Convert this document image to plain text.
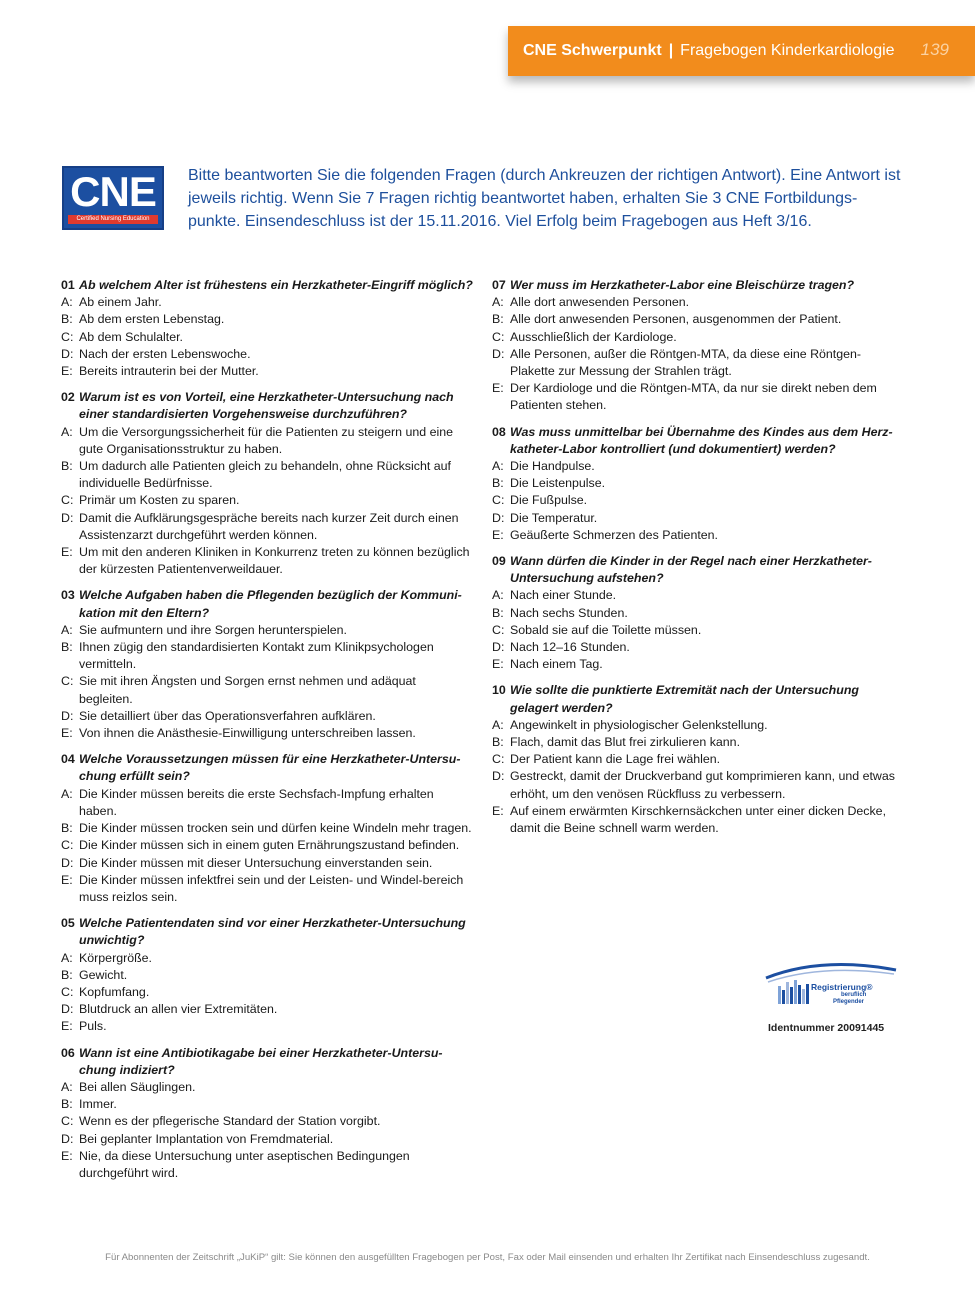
CNE Schwerpunkt | Fragebogen Kinderkardiologie 139
CNE
Certified Nursing Education
Bitte beantworten Sie die folgenden Fragen (durch Ankreuzen der richtigen Antwort). Eine Antwort ist jeweils richtig. Wenn Sie 7 Fragen richtig beantwortet haben, erhalten Sie 3 CNE Fortbildungs-punkte. Einsendeschluss ist der 15.11.2016. Viel Erfolg beim Fragebogen aus Heft 3/16.
01 Ab welchem Alter ist frühestens ein Herzkatheter-Eingriff möglich?
A: Ab einem Jahr.
B: Ab dem ersten Lebenstag.
C: Ab dem Schulalter.
D: Nach der ersten Lebenswoche.
E: Bereits intrauterin bei der Mutter.
02 Warum ist es von Vorteil, eine Herzkatheter-Untersuchung nach einer standardisierten Vorgehensweise durchzuführen?
A: Um die Versorgungssicherheit für die Patienten zu steigern und eine gute Organisationsstruktur zu haben.
B: Um dadurch alle Patienten gleich zu behandeln, ohne Rücksicht auf individuelle Bedürfnisse.
C: Primär um Kosten zu sparen.
D: Damit die Aufklärungsgespräche bereits nach kurzer Zeit durch einen Assistenzarzt durchgeführt werden können.
E: Um mit den anderen Kliniken in Konkurrenz treten zu können bezüglich der kürzesten Patientenverweildauer.
03 Welche Aufgaben haben die Pflegenden bezüglich der Kommuni-kation mit den Eltern?
A: Sie aufmuntern und ihre Sorgen herunterspielen.
B: Ihnen zügig den standardisierten Kontakt zum Klinikpsychologen vermitteln.
C: Sie mit ihren Ängsten und Sorgen ernst nehmen und adäquat begleiten.
D: Sie detailliert über das Operationsverfahren aufklären.
E: Von ihnen die Anästhesie-Einwilligung unterschreiben lassen.
04 Welche Voraussetzungen müssen für eine Herzkatheter-Untersu-chung erfüllt sein?
A: Die Kinder müssen bereits die erste Sechsfach-Impfung erhalten haben.
B: Die Kinder müssen trocken sein und dürfen keine Windeln mehr tragen.
C: Die Kinder müssen sich in einem guten Ernährungszustand befinden.
D: Die Kinder müssen mit dieser Untersuchung einverstanden sein.
E: Die Kinder müssen infektfrei sein und der Leisten- und Windel-bereich muss reizlos sein.
05 Welche Patientendaten sind vor einer Herzkatheter-Untersuchung unwichtig?
A: Körpergröße.
B: Gewicht.
C: Kopfumfang.
D: Blutdruck an allen vier Extremitäten.
E: Puls.
06 Wann ist eine Antibiotikagabe bei einer Herzkatheter-Untersu-chung indiziert?
A: Bei allen Säuglingen.
B: Immer.
C: Wenn es der pflegerische Standard der Station vorgibt.
D: Bei geplanter Implantation von Fremdmaterial.
E: Nie, da diese Untersuchung unter aseptischen Bedingungen durchgeführt wird.
07 Wer muss im Herzkatheter-Labor eine Bleischürze tragen?
A: Alle dort anwesenden Personen.
B: Alle dort anwesenden Personen, ausgenommen der Patient.
C: Ausschließlich der Kardiologe.
D: Alle Personen, außer die Röntgen-MTA, da diese eine Röntgen-Plakette zur Messung der Strahlen trägt.
E: Der Kardiologe und die Röntgen-MTA, da nur sie direkt neben dem Patienten stehen.
08 Was muss unmittelbar bei Übernahme des Kindes aus dem Herz-katheter-Labor kontrolliert (und dokumentiert) werden?
A: Die Handpulse.
B: Die Leistenpulse.
C: Die Fußpulse.
D: Die Temperatur.
E: Geäußerte Schmerzen des Patienten.
09 Wann dürfen die Kinder in der Regel nach einer Herzkatheter-Untersuchung aufstehen?
A: Nach einer Stunde.
B: Nach sechs Stunden.
C: Sobald sie auf die Toilette müssen.
D: Nach 12–16 Stunden.
E: Nach einem Tag.
10 Wie sollte die punktierte Extremität nach der Untersuchung gelagert werden?
A: Angewinkelt in physiologischer Gelenkstellung.
B: Flach, damit das Blut frei zirkulieren kann.
C: Der Patient kann die Lage frei wählen.
D: Gestreckt, damit der Druckverband gut komprimieren kann, und etwas erhöht, um den venösen Rückfluss zu verbessern.
E: Auf einem erwärmten Kirschkernsäckchen unter einer dicken Decke, damit die Beine schnell warm werden.
Registrierung®
beruflich
Pflegender
Identnummer 20091445
Für Abonnenten der Zeitschrift „JuKiP“ gilt: Sie können den ausgefüllten Fragebogen per Post, Fax oder Mail einsenden und erhalten Ihr Zertifikat nach Einsendeschluss zugesandt.
